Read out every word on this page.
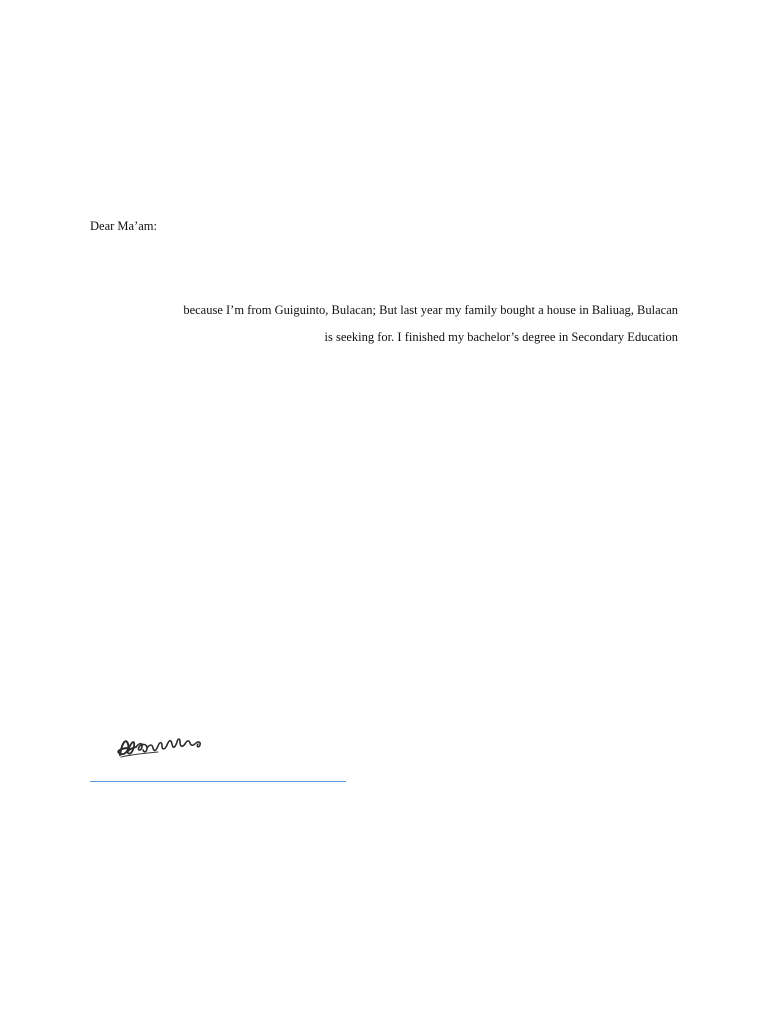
Dear Ma’am:
because I’m from Guiguinto, Bulacan; But last year my family bought a house in Baliuag, Bulacan
is seeking for. I finished my bachelor’s degree in Secondary Education
